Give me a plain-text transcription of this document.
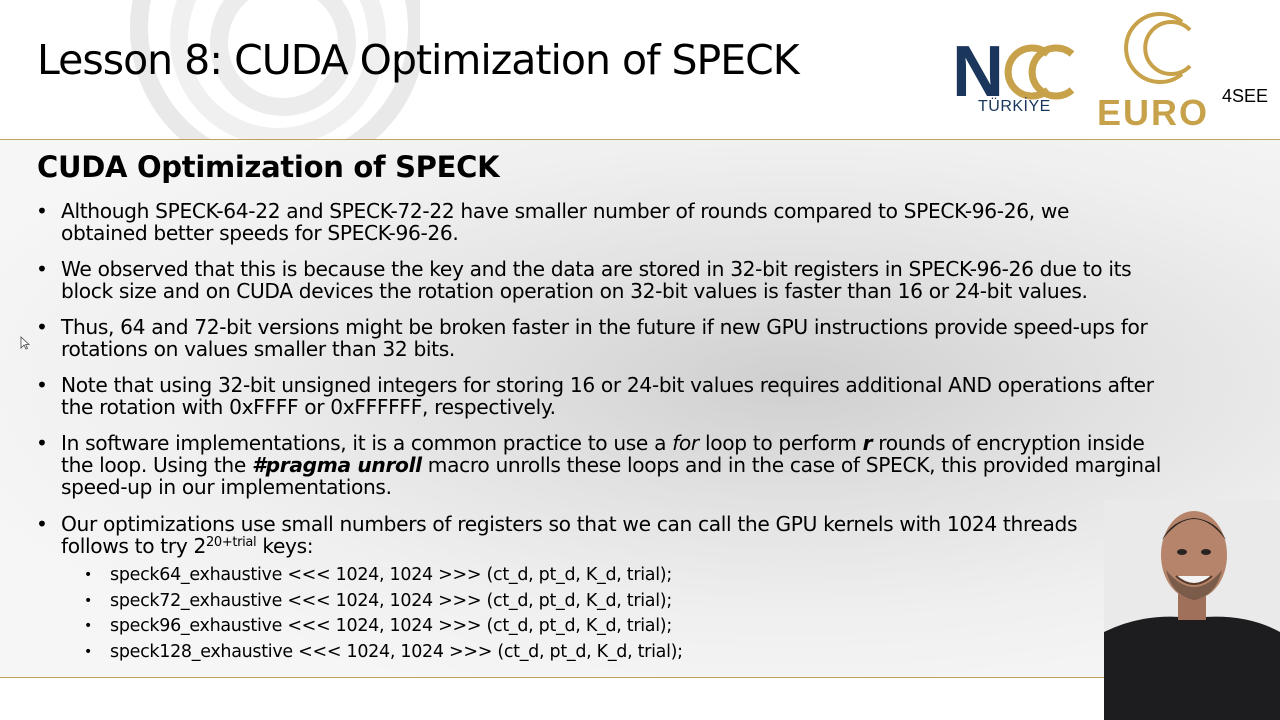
Lesson 8: CUDA Optimization of SPECK N
TÜRKİYE EURO 4SEE
CUDA Optimization of SPECK
• Although SPECK-64-22 and SPECK-72-22 have smaller number of rounds compared to SPECK-96-26, we
obtained better speeds for SPECK-96-26.
• We observed that this is because the key and the data are stored in 32-bit registers in SPECK-96-26 due to its
block size and on CUDA devices the rotation operation on 32-bit values is faster than 16 or 24-bit values.
• Thus, 64 and 72-bit versions might be broken faster in the future if new GPU instructions provide speed-ups for
rotations on values smaller than 32 bits.
• Note that using 32-bit unsigned integers for storing 16 or 24-bit values requires additional AND operations after
the rotation with 0xFFFF or 0xFFFFFF, respectively.
• In software implementations, it is a common practice to use a for loop to perform r rounds of encryption inside
the loop. Using the #pragma unroll macro unrolls these loops and in the case of SPECK, this provided marginal
speed-up in our implementations.
• Our optimizations use small numbers of registers so that we can call the GPU kernels with 1024 threads
follows to try $2^{20+trial}$ keys:
• speck64_exhaustive <<< 1024, 1024 >>> (ct_d, pt_d, K_d, trial);
• speck72_exhaustive <<< 1024, 1024 >>> (ct_d, pt_d, K_d, trial);
• speck96_exhaustive <<< 1024, 1024 >>> (ct_d, pt_d, K_d, trial);
• speck128_exhaustive <<< 1024, 1024 >>> (ct_d, pt_d, K_d, trial);
